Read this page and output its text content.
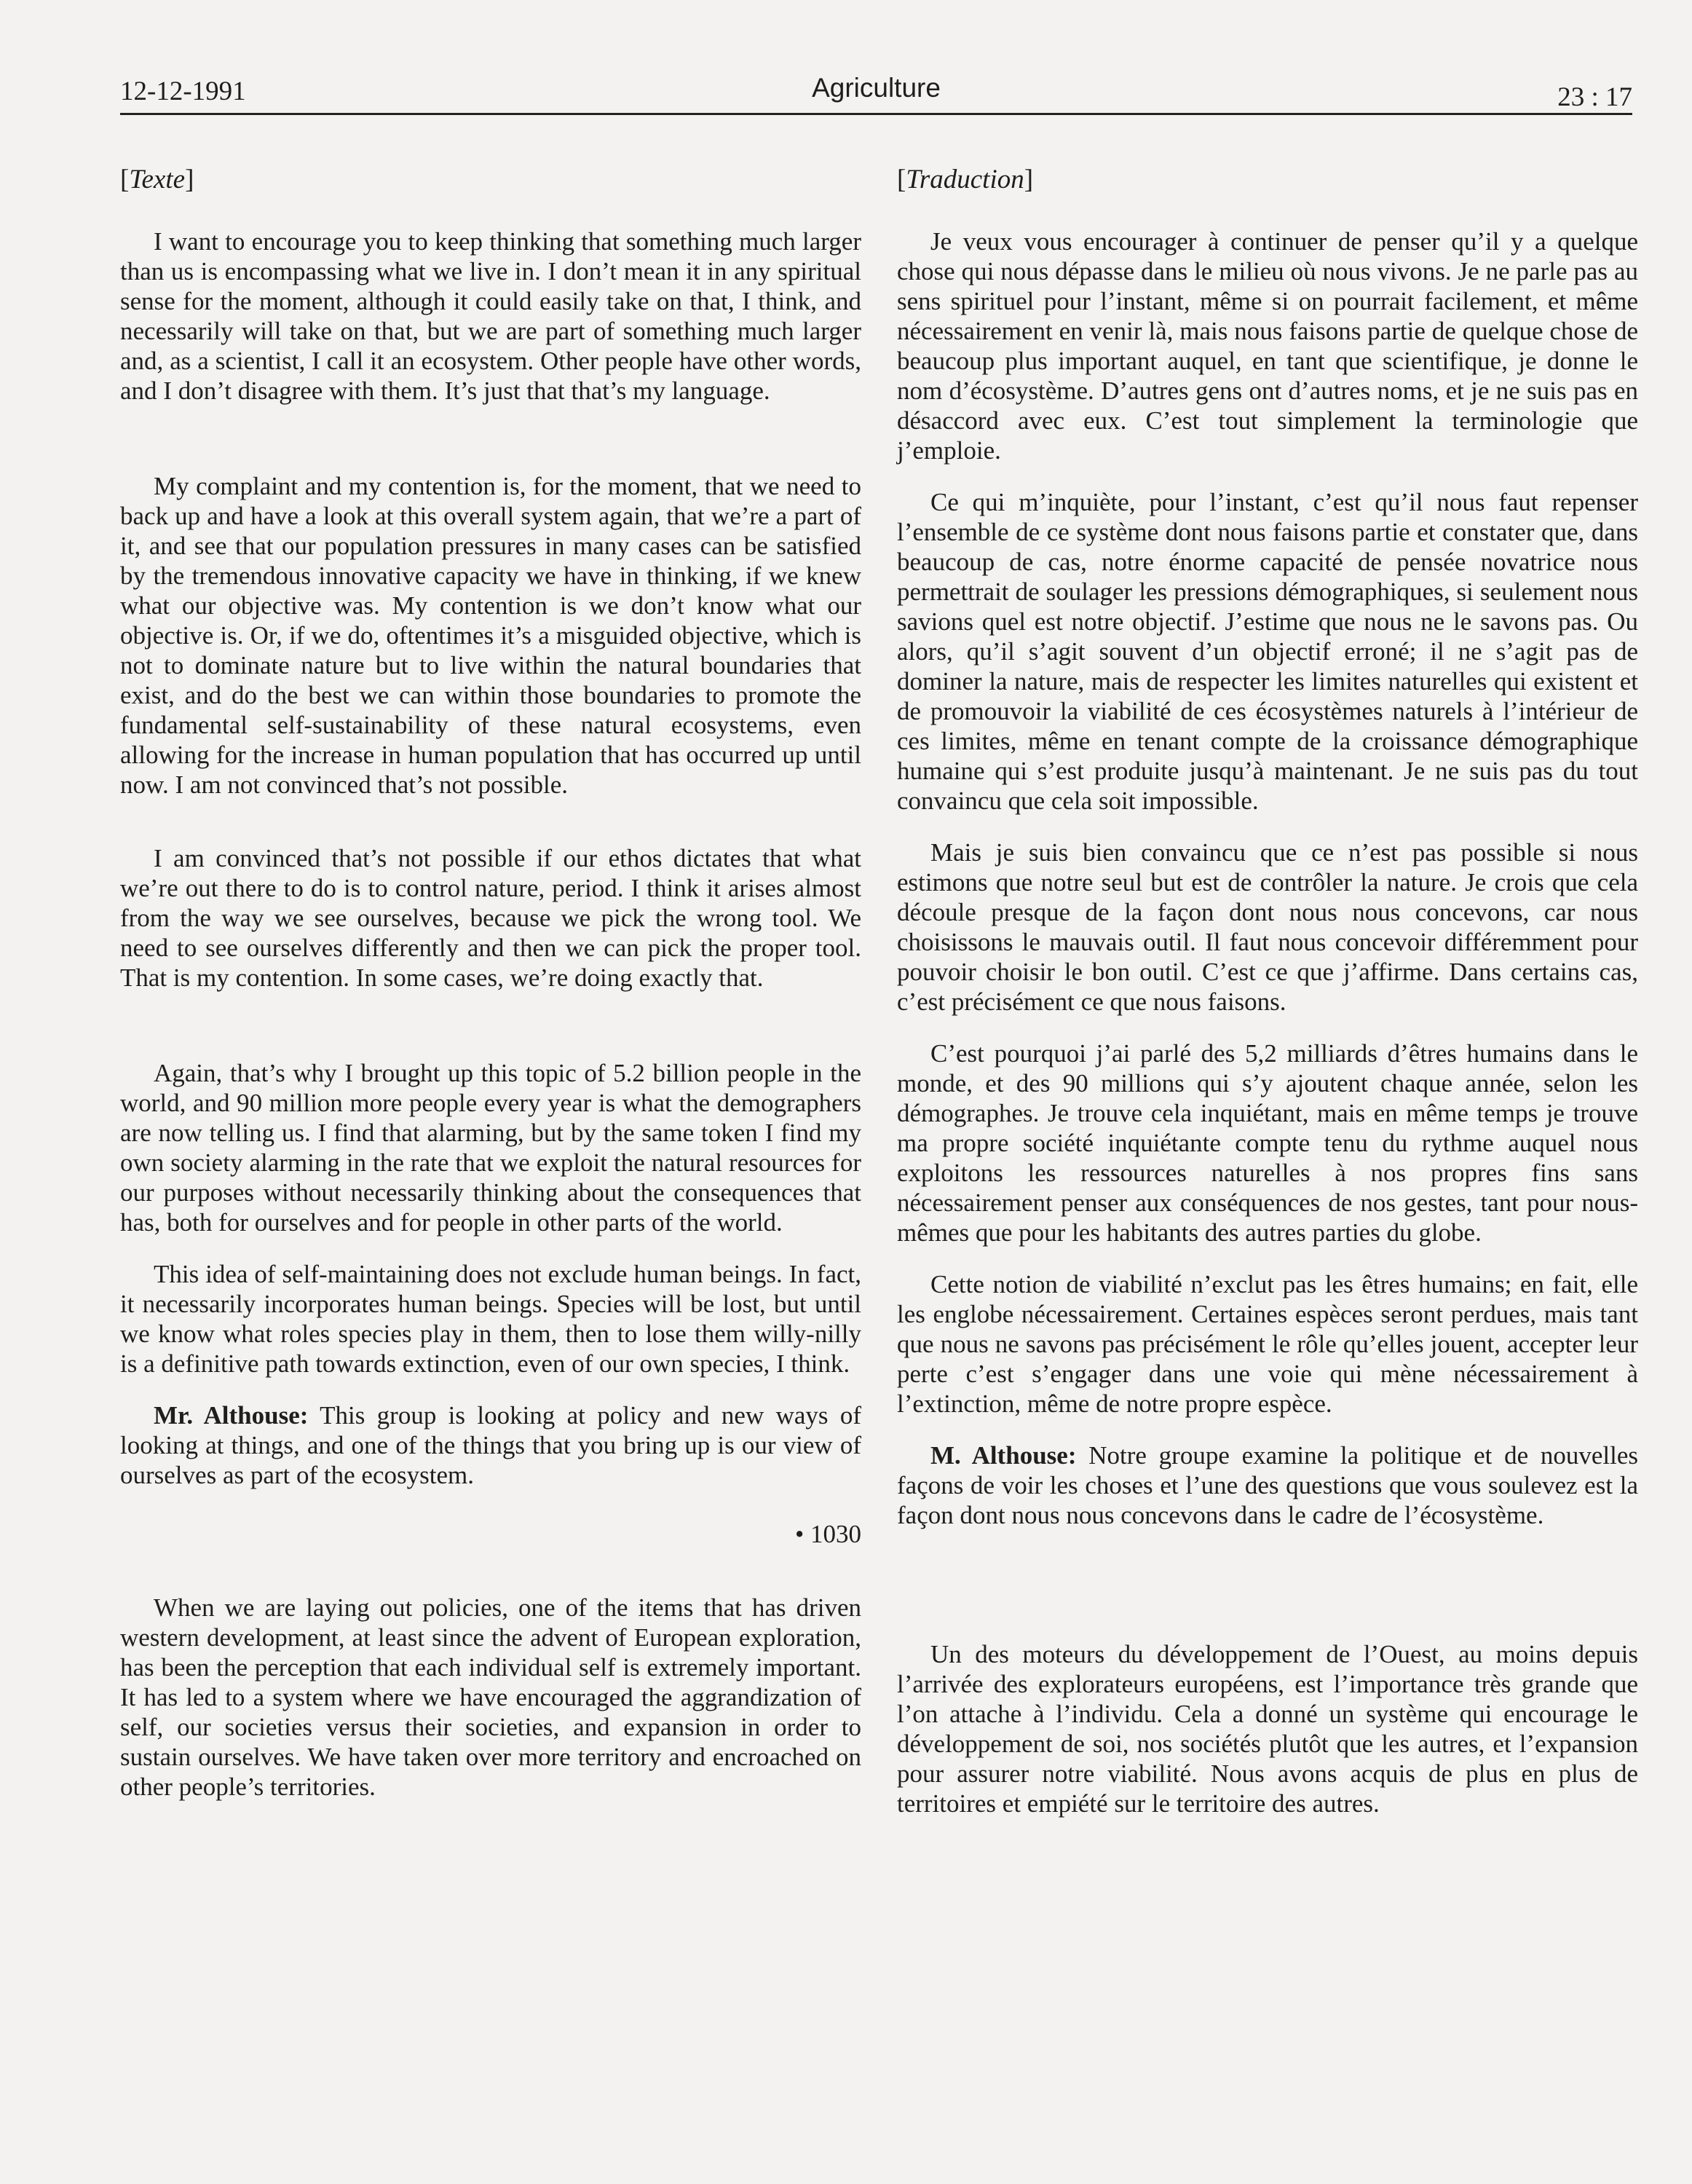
12-12-1991	Agriculture	23 : 17
[Texte]

I want to encourage you to keep thinking that something much larger than us is encompassing what we live in. I don’t mean it in any spiritual sense for the moment, although it could easily take on that, I think, and necessarily will take on that, but we are part of something much larger and, as a scientist, I call it an ecosystem. Other people have other words, and I don’t disagree with them. It’s just that that’s my language.

My complaint and my contention is, for the moment, that we need to back up and have a look at this overall system again, that we’re a part of it, and see that our population pressures in many cases can be satisfied by the tremendous innovative capacity we have in thinking, if we knew what our objective was. My contention is we don’t know what our objective is. Or, if we do, oftentimes it’s a misguided objective, which is not to dominate nature but to live within the natural boundaries that exist, and do the best we can within those boundaries to promote the fundamental self-sustainability of these natural ecosystems, even allowing for the increase in human population that has occurred up until now. I am not convinced that’s not possible.

I am convinced that’s not possible if our ethos dictates that what we’re out there to do is to control nature, period. I think it arises almost from the way we see ourselves, because we pick the wrong tool. We need to see ourselves differently and then we can pick the proper tool. That is my contention. In some cases, we’re doing exactly that.

Again, that’s why I brought up this topic of 5.2 billion people in the world, and 90 million more people every year is what the demographers are now telling us. I find that alarming, but by the same token I find my own society alarming in the rate that we exploit the natural resources for our purposes without necessarily thinking about the consequences that has, both for ourselves and for people in other parts of the world.

This idea of self-maintaining does not exclude human beings. In fact, it necessarily incorporates human beings. Species will be lost, but until we know what roles species play in them, then to lose them willy-nilly is a definitive path towards extinction, even of our own species, I think.

Mr. Althouse: This group is looking at policy and new ways of looking at things, and one of the things that you bring up is our view of ourselves as part of the ecosystem.

• 1030

When we are laying out policies, one of the items that has driven western development, at least since the advent of European exploration, has been the perception that each individual self is extremely important. It has led to a system where we have encouraged the aggrandization of self, our societies versus their societies, and expansion in order to sustain ourselves. We have taken over more territory and encroached on other people’s territories.

[Traduction]

Je veux vous encourager à continuer de penser qu’il y a quelque chose qui nous dépasse dans le milieu où nous vivons. Je ne parle pas au sens spirituel pour l’instant, même si on pourrait facilement, et même nécessairement en venir là, mais nous faisons partie de quelque chose de beaucoup plus important auquel, en tant que scientifique, je donne le nom d’écosystème. D’autres gens ont d’autres noms, et je ne suis pas en désaccord avec eux. C’est tout simplement la terminologie que j’emploie.

Ce qui m’inquiète, pour l’instant, c’est qu’il nous faut repenser l’ensemble de ce système dont nous faisons partie et constater que, dans beaucoup de cas, notre énorme capacité de pensée novatrice nous permettrait de soulager les pressions démographiques, si seulement nous savions quel est notre objectif. J’estime que nous ne le savons pas. Ou alors, qu’il s’agit souvent d’un objectif erroné; il ne s’agit pas de dominer la nature, mais de respecter les limites naturelles qui existent et de promouvoir la viabilité de ces écosystèmes naturels à l’intérieur de ces limites, même en tenant compte de la croissance démographique humaine qui s’est produite jusqu’à maintenant. Je ne suis pas du tout convaincu que cela soit impossible.

Mais je suis bien convaincu que ce n’est pas possible si nous estimons que notre seul but est de contrôler la nature. Je crois que cela découle presque de la façon dont nous nous concevons, car nous choisissons le mauvais outil. Il faut nous concevoir différemment pour pouvoir choisir le bon outil. C’est ce que j’affirme. Dans certains cas, c’est précisément ce que nous faisons.

C’est pourquoi j’ai parlé des 5,2 milliards d’êtres humains dans le monde, et des 90 millions qui s’y ajoutent chaque année, selon les démographes. Je trouve cela inquiétant, mais en même temps je trouve ma propre société inquiétante compte tenu du rythme auquel nous exploitons les ressources naturelles à nos propres fins sans nécessairement penser aux conséquences de nos gestes, tant pour nous-mêmes que pour les habitants des autres parties du globe.

Cette notion de viabilité n’exclut pas les êtres humains; en fait, elle les englobe nécessairement. Certaines espèces seront perdues, mais tant que nous ne savons pas précisément le rôle qu’elles jouent, accepter leur perte c’est s’engager dans une voie qui mène nécessairement à l’extinction, même de notre propre espèce.

M. Althouse: Notre groupe examine la politique et de nouvelles façons de voir les choses et l’une des questions que vous soulevez est la façon dont nous nous concevons dans le cadre de l’écosystème.

Un des moteurs du développement de l’Ouest, au moins depuis l’arrivée des explorateurs européens, est l’importance très grande que l’on attache à l’individu. Cela a donné un système qui encourage le développement de soi, nos sociétés plutôt que les autres, et l’expansion pour assurer notre viabilité. Nous avons acquis de plus en plus de territoires et empiété sur le territoire des autres.
